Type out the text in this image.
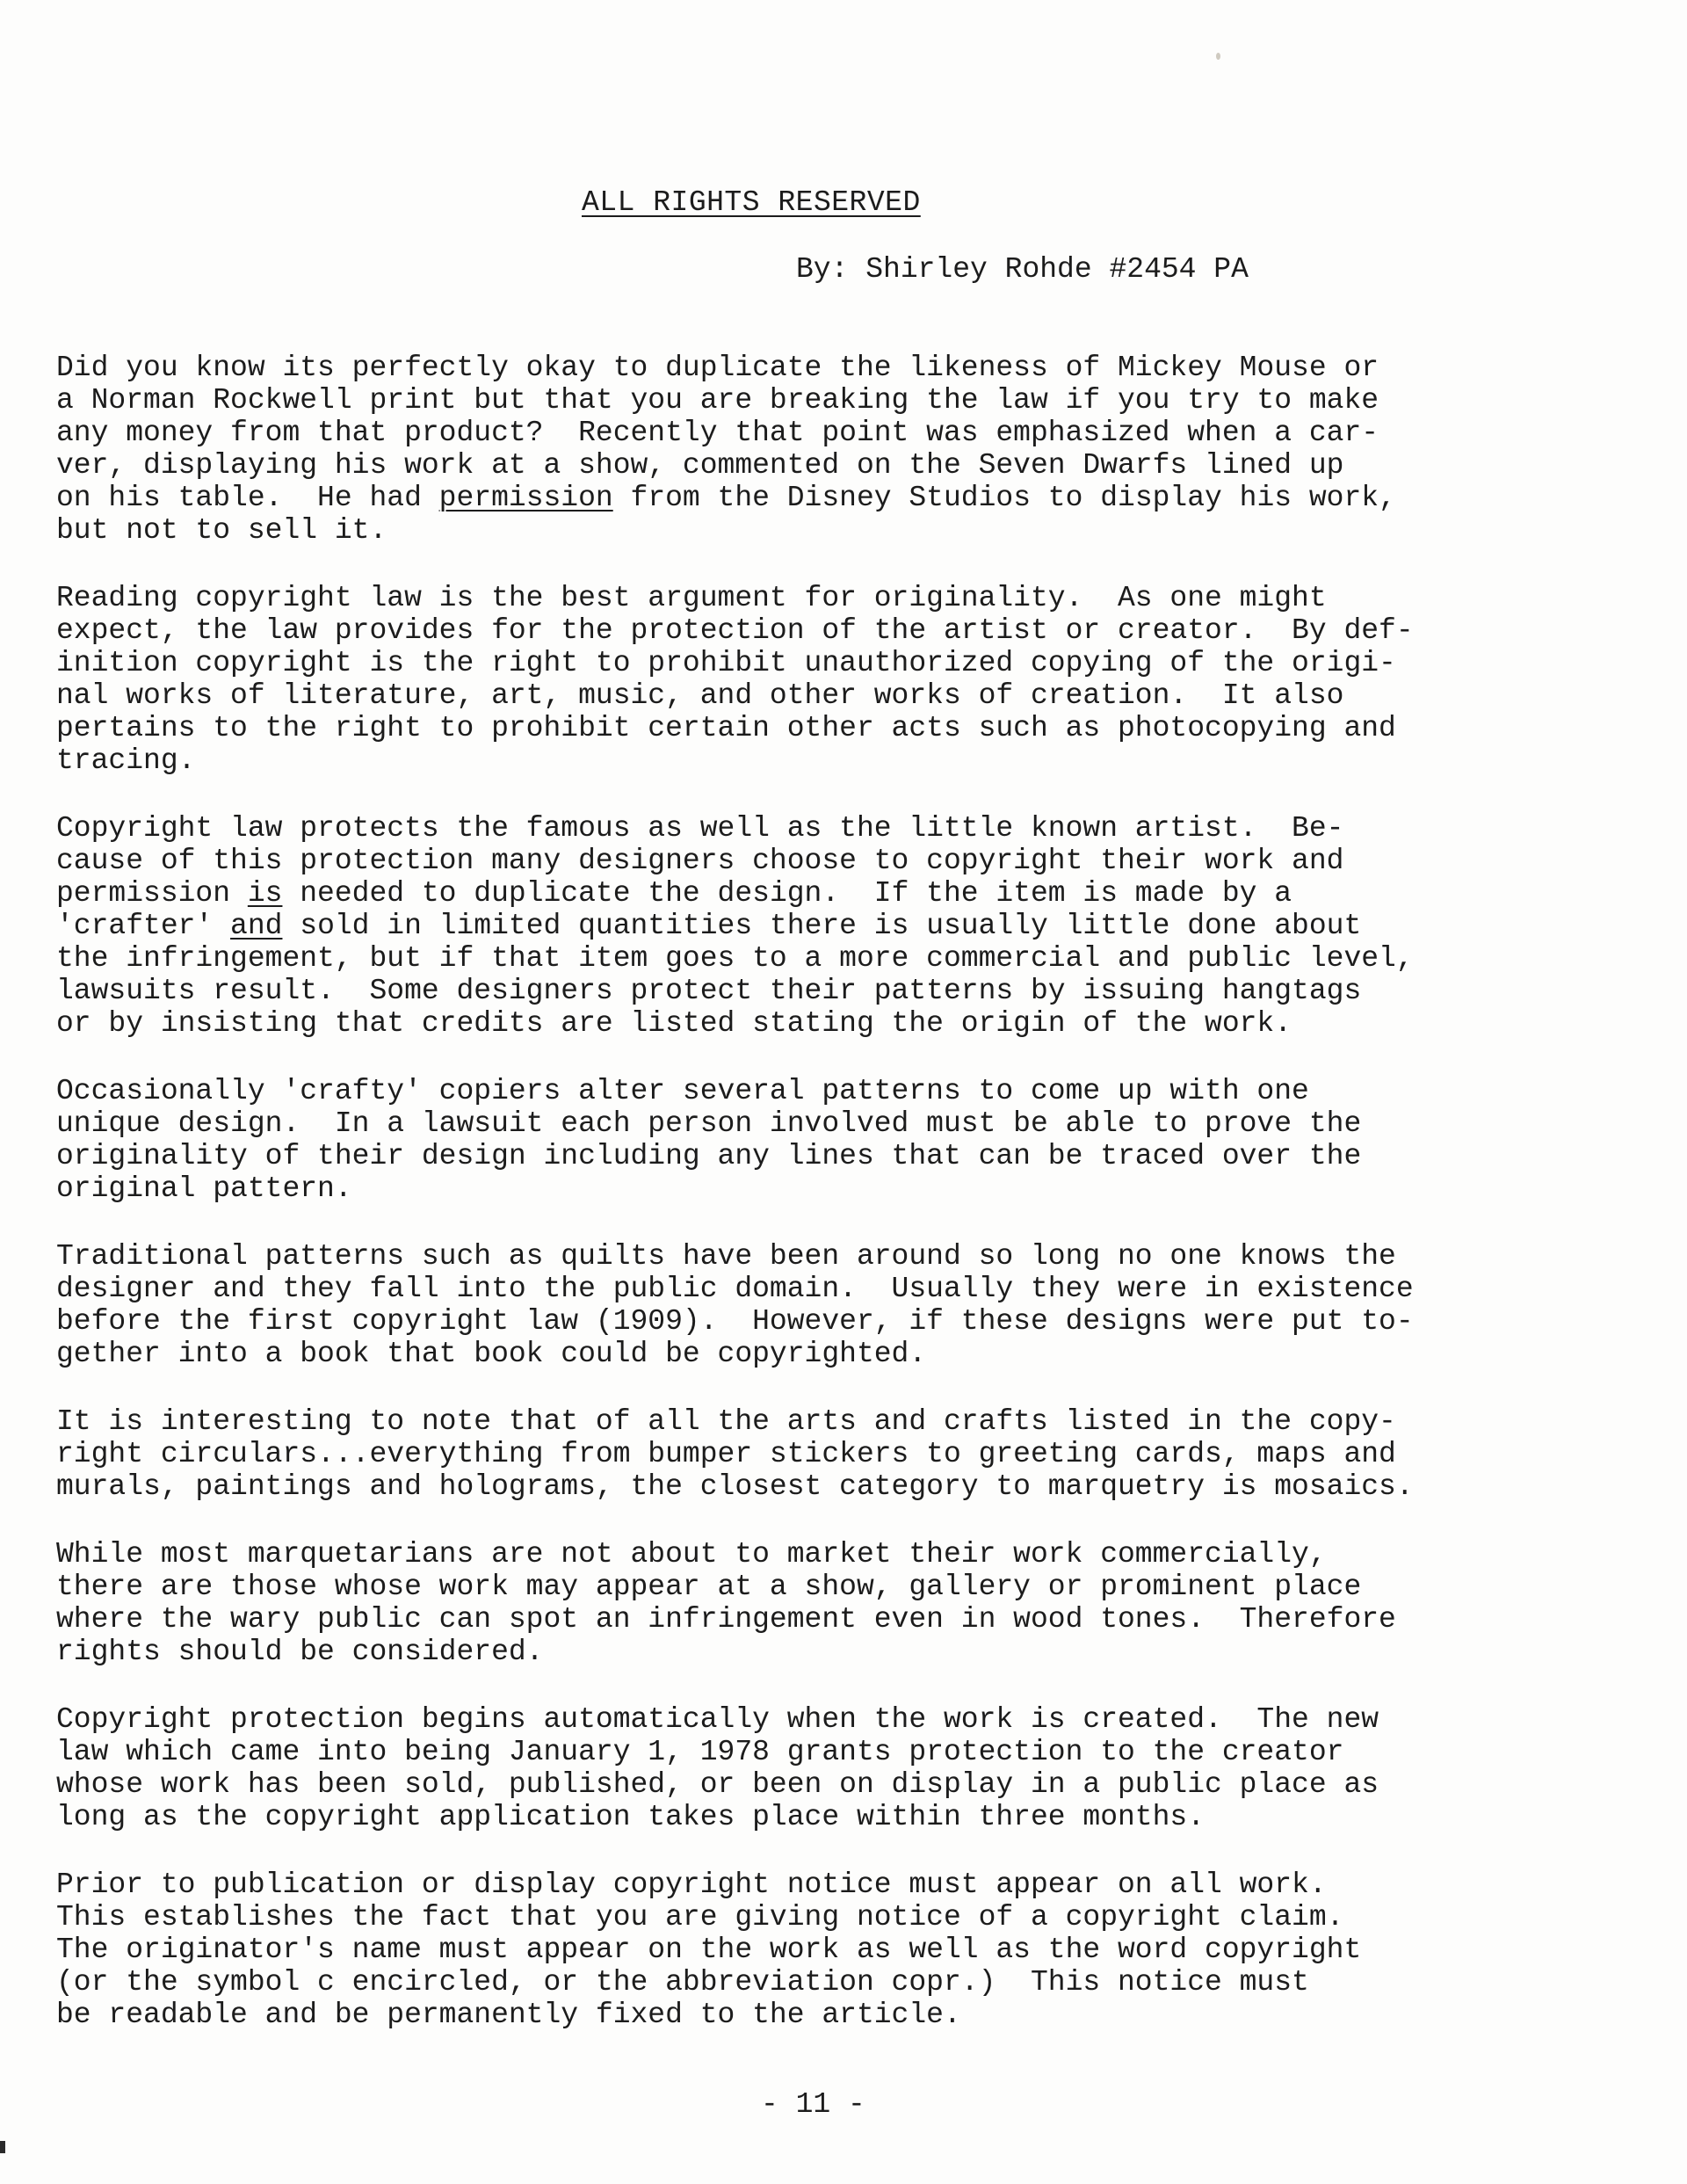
ALL RIGHTS RESERVED

By: Shirley Rohde #2454 PA

Did you know its perfectly okay to duplicate the likeness of Mickey Mouse or
a Norman Rockwell print but that you are breaking the law if you try to make
any money from that product?  Recently that point was emphasized when a car-
ver, displaying his work at a show, commented on the Seven Dwarfs lined up
on his table.  He had permission from the Disney Studios to display his work,
but not to sell it.
Reading copyright law is the best argument for originality.  As one might
expect, the law provides for the protection of the artist or creator.  By def-
inition copyright is the right to prohibit unauthorized copying of the origi-
nal works of literature, art, music, and other works of creation.  It also
pertains to the right to prohibit certain other acts such as photocopying and
tracing.
Copyright law protects the famous as well as the little known artist.  Be-
cause of this protection many designers choose to copyright their work and
permission is needed to duplicate the design.  If the item is made by a
'crafter' and sold in limited quantities there is usually little done about
the infringement, but if that item goes to a more commercial and public level,
lawsuits result.  Some designers protect their patterns by issuing hangtags
or by insisting that credits are listed stating the origin of the work.
Occasionally 'crafty' copiers alter several patterns to come up with one
unique design.  In a lawsuit each person involved must be able to prove the
originality of their design including any lines that can be traced over the
original pattern.
Traditional patterns such as quilts have been around so long no one knows the
designer and they fall into the public domain.  Usually they were in existence
before the first copyright law (1909).  However, if these designs were put to-
gether into a book that book could be copyrighted.
It is interesting to note that of all the arts and crafts listed in the copy-
right circulars...everything from bumper stickers to greeting cards, maps and
murals, paintings and holograms, the closest category to marquetry is mosaics.
While most marquetarians are not about to market their work commercially,
there are those whose work may appear at a show, gallery or prominent place
where the wary public can spot an infringement even in wood tones.  Therefore
rights should be considered.
Copyright protection begins automatically when the work is created.  The new
law which came into being January 1, 1978 grants protection to the creator
whose work has been sold, published, or been on display in a public place as
long as the copyright application takes place within three months.
Prior to publication or display copyright notice must appear on all work.
This establishes the fact that you are giving notice of a copyright claim.
The originator's name must appear on the work as well as the word copyright
(or the symbol c encircled, or the abbreviation copr.)  This notice must
be readable and be permanently fixed to the article.
- 11 -
